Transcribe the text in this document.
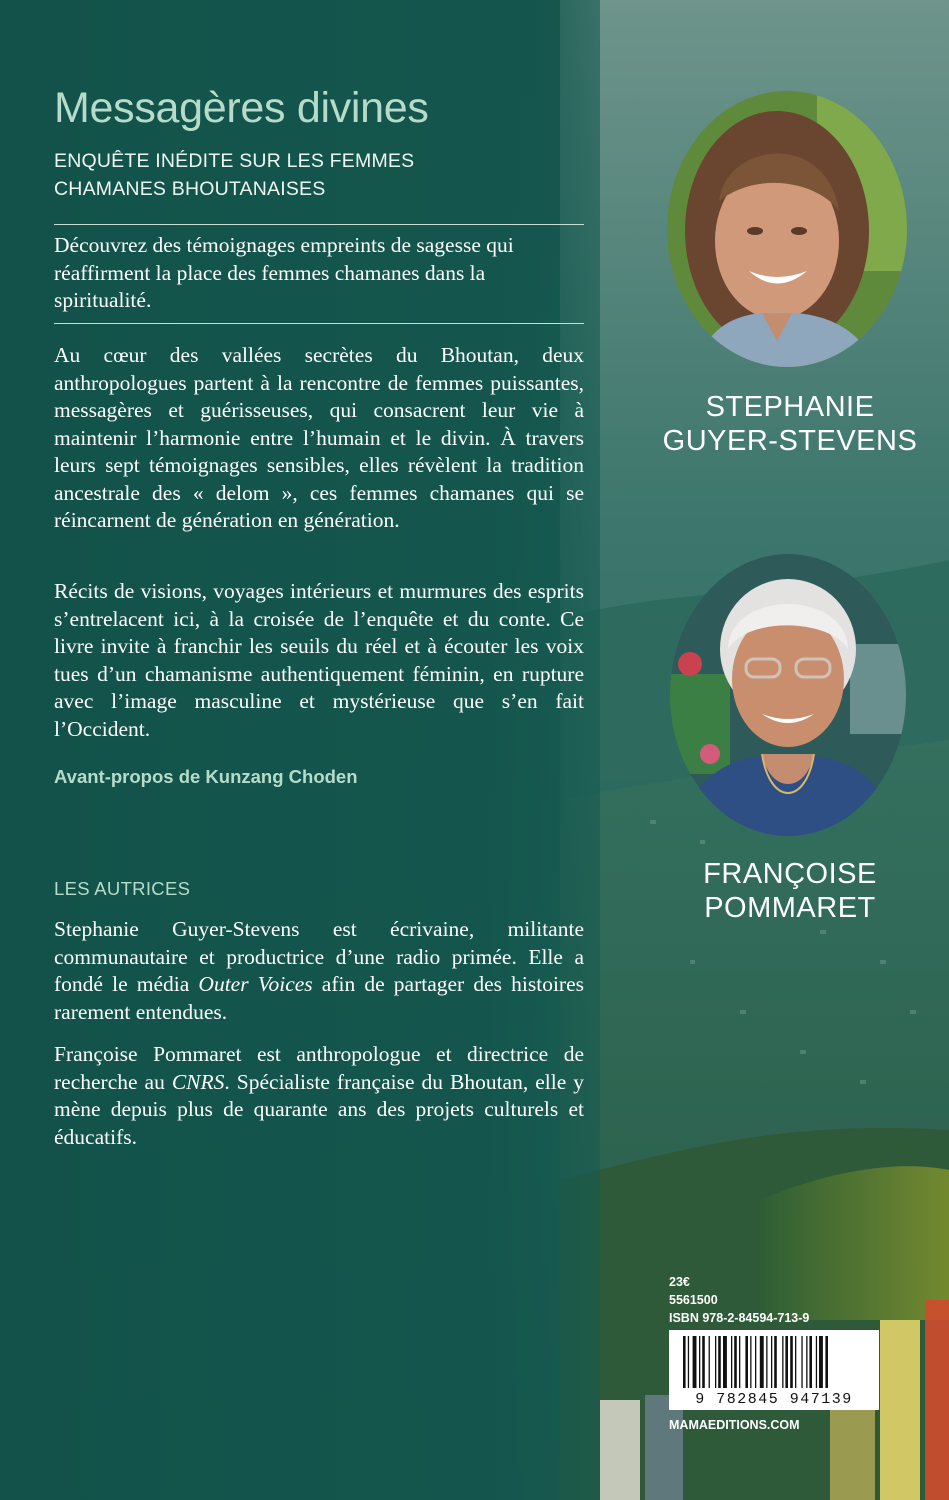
Messagères divines

ENQUÊTE INÉDITE SUR LES FEMMES CHAMANES BHOUTANAISES

Découvrez des témoignages empreints de sagesse qui réaffirment la place des femmes chamanes dans la spiritualité.

Au cœur des vallées secrètes du Bhoutan, deux anthropologues partent à la rencontre de femmes puissantes, messagères et guérisseuses, qui consacrent leur vie à maintenir l’harmonie entre l’humain et le divin. À travers leurs sept témoignages sensibles, elles révèlent la tradition ancestrale des « delom », ces femmes chamanes qui se réincarnent de génération en génération.

Récits de visions, voyages intérieurs et murmures des esprits s’entrelacent ici, à la croisée de l’enquête et du conte. Ce livre invite à franchir les seuils du réel et à écouter les voix tues d’un chamanisme authentiquement féminin, en rupture avec l’image masculine et mystérieuse que s’en fait l’Occident.

Avant-propos de Kunzang Choden

LES AUTRICES

Stephanie Guyer-Stevens est écrivaine, militante communautaire et productrice d’une radio primée. Elle a fondé le média Outer Voices afin de partager des histoires rarement entendues.

Françoise Pommaret est anthropologue et directrice de recherche au CNRS. Spécialiste française du Bhoutan, elle y mène depuis plus de quarante ans des projets culturels et éducatifs.

STEPHANIE
GUYER-STEVENS

FRANÇOISE
POMMARET

23€

5561500

ISBN 978-2-84594-713-9

9 782845 947139

MAMAEDITIONS.COM
